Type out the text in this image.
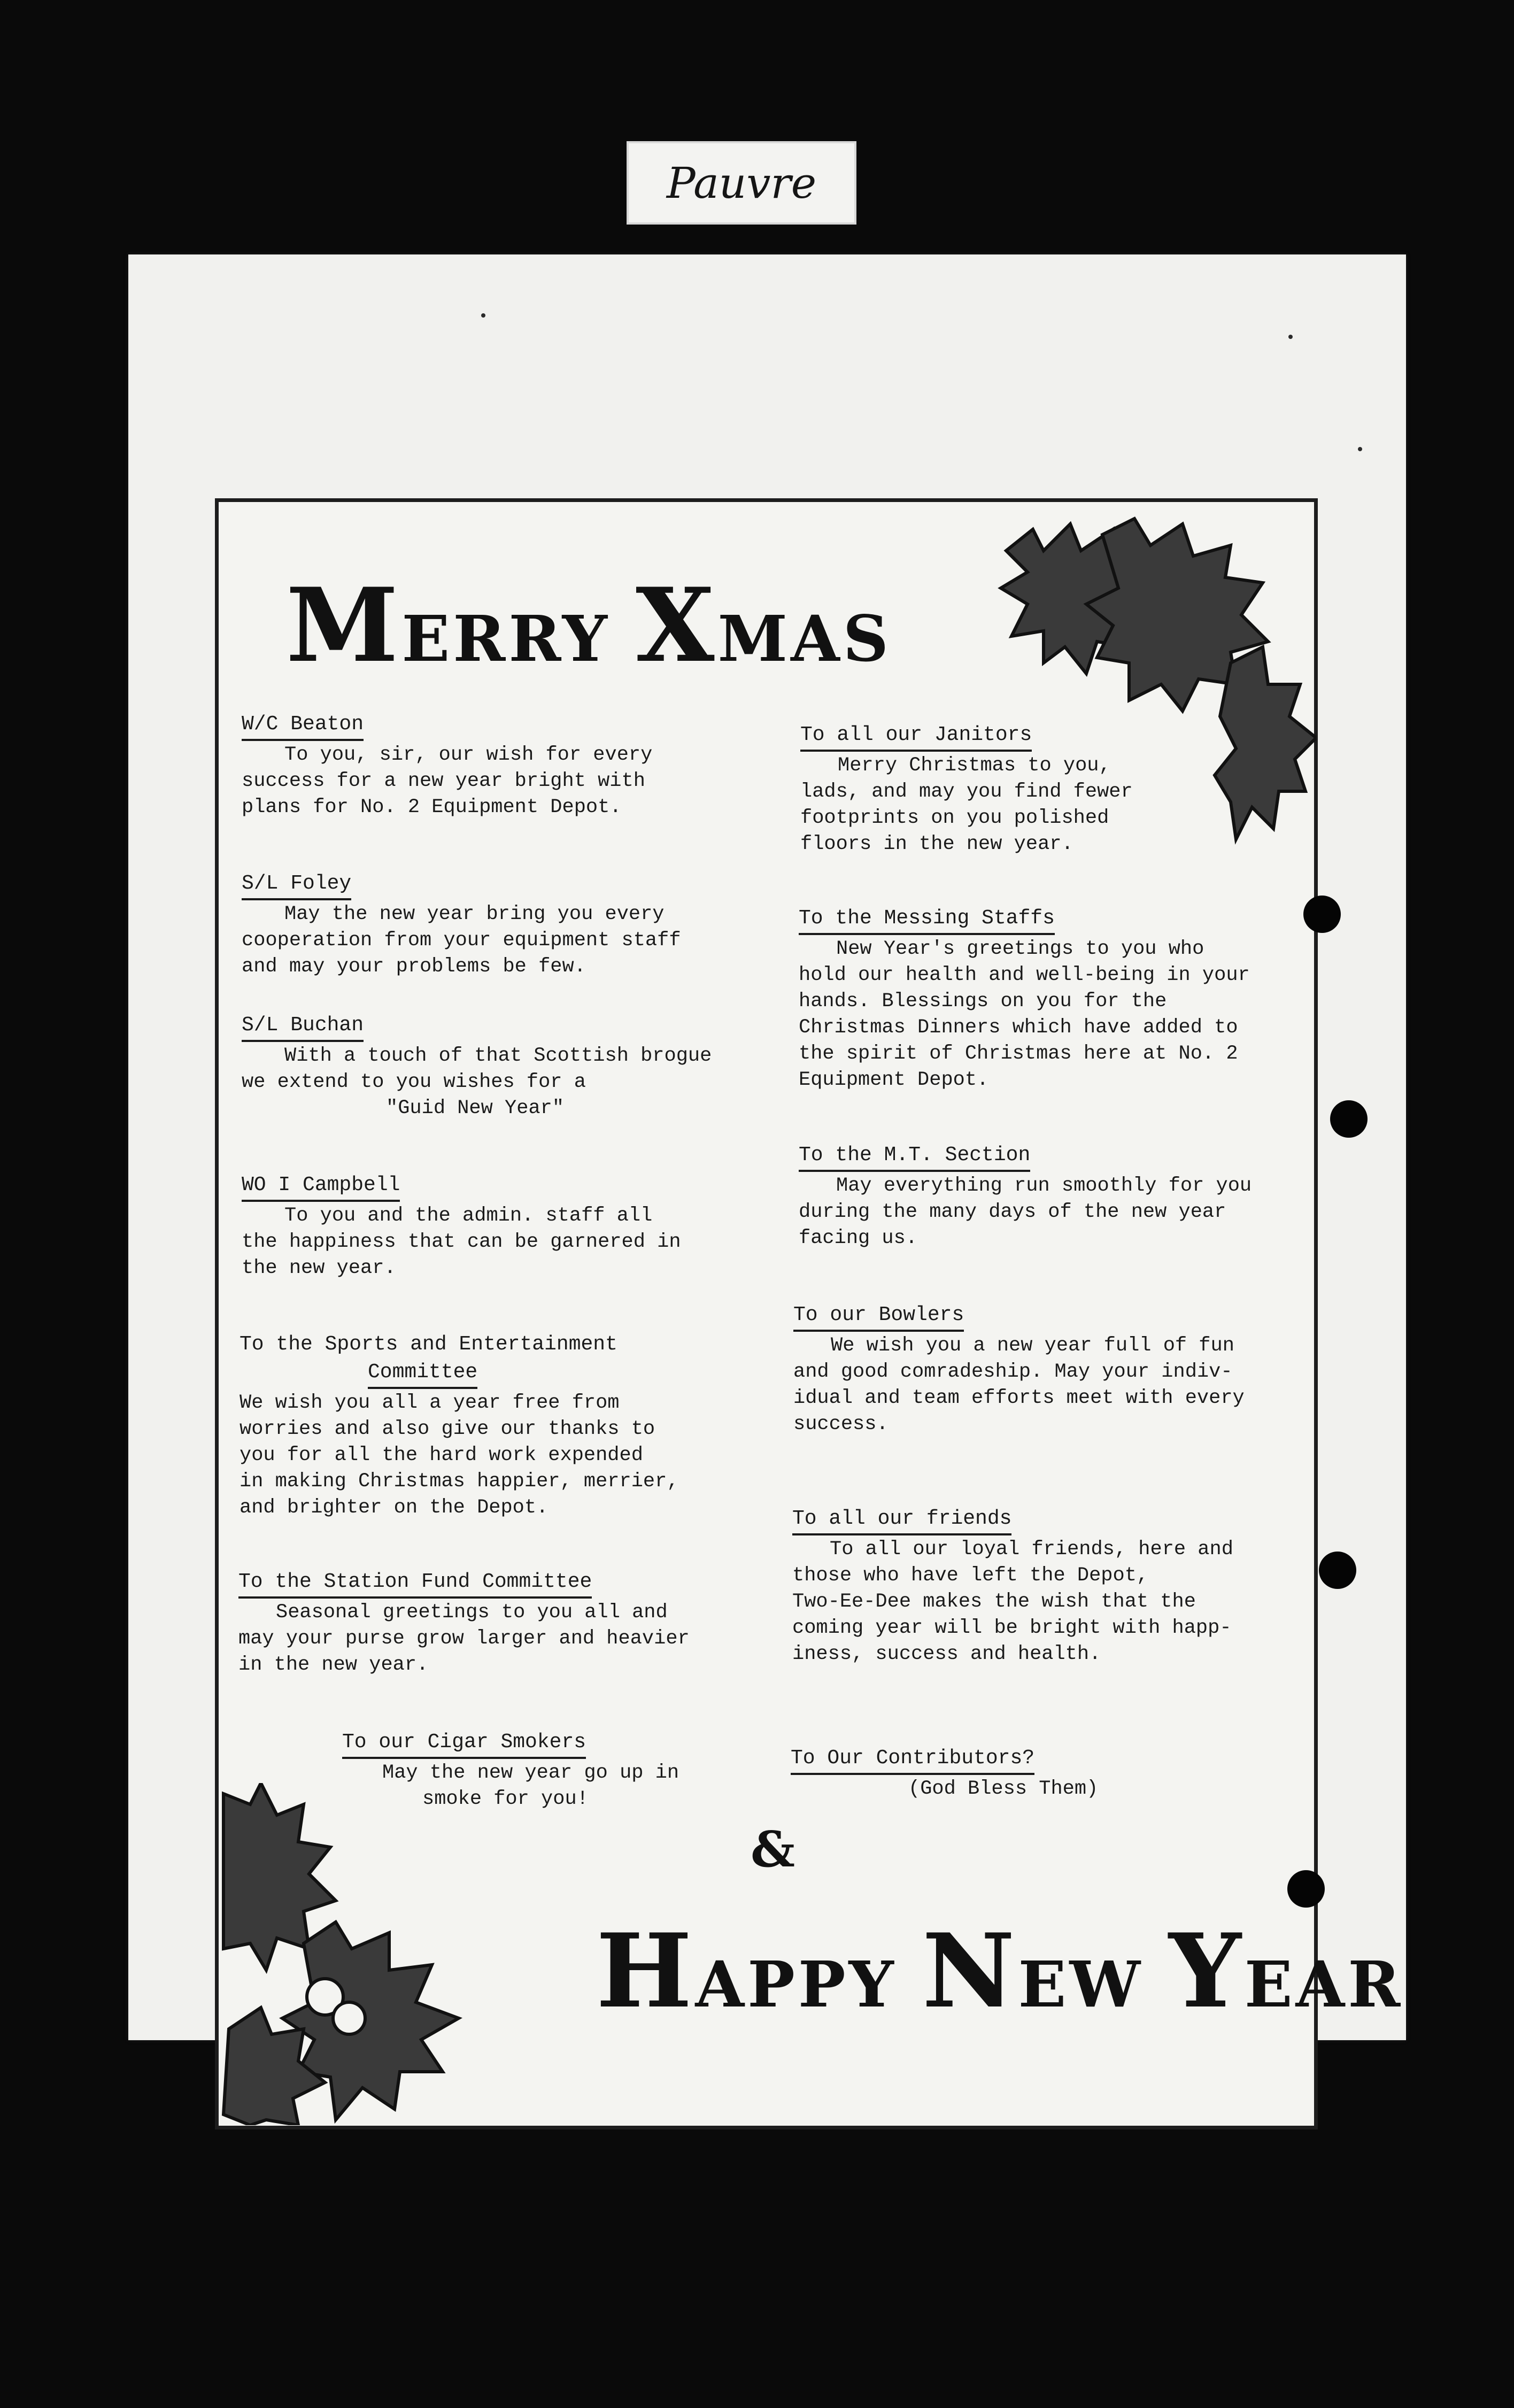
Pauvre
MERRY XMAS
&
HAPPY NEW YEAR
W/C Beaton
To you, sir, our wish for every
success for a new year bright with
plans for No. 2 Equipment Depot.
S/L Foley
May the new year bring you every
cooperation from your equipment staff
and may your problems be few.
S/L Buchan
With a touch of that Scottish brogue
we extend to you wishes for a
"Guid New Year"
WO I Campbell
To you and the admin. staff all
the happiness that can be garnered in
the new year.
To the Sports and Entertainment
Committee
We wish you all a year free from
worries and also give our thanks to
you for all the hard work expended
in making Christmas happier, merrier,
and brighter on the Depot.
To the Station Fund Committee
Seasonal greetings to you all and
may your purse grow larger and heavier
in the new year.
To our Cigar Smokers
May the new year go up in
smoke for you!
To all our Janitors
Merry Christmas to you,
lads, and may you find fewer
footprints on you polished
floors in the new year.
To the Messing Staffs
New Year's greetings to you who
hold our health and well-being in your
hands. Blessings on you for the
Christmas Dinners which have added to
the spirit of Christmas here at No. 2
Equipment Depot.
To the M.T. Section
May everything run smoothly for you
during the many days of the new year
facing us.
To our Bowlers
We wish you a new year full of fun
and good comradeship. May your indiv-
idual and team efforts meet with every
success.
To all our friends
To all our loyal friends, here and
those who have left the Depot,
Two-Ee-Dee makes the wish that the
coming year will be bright with happ-
iness, success and health.
To Our Contributors?
(God Bless Them)
